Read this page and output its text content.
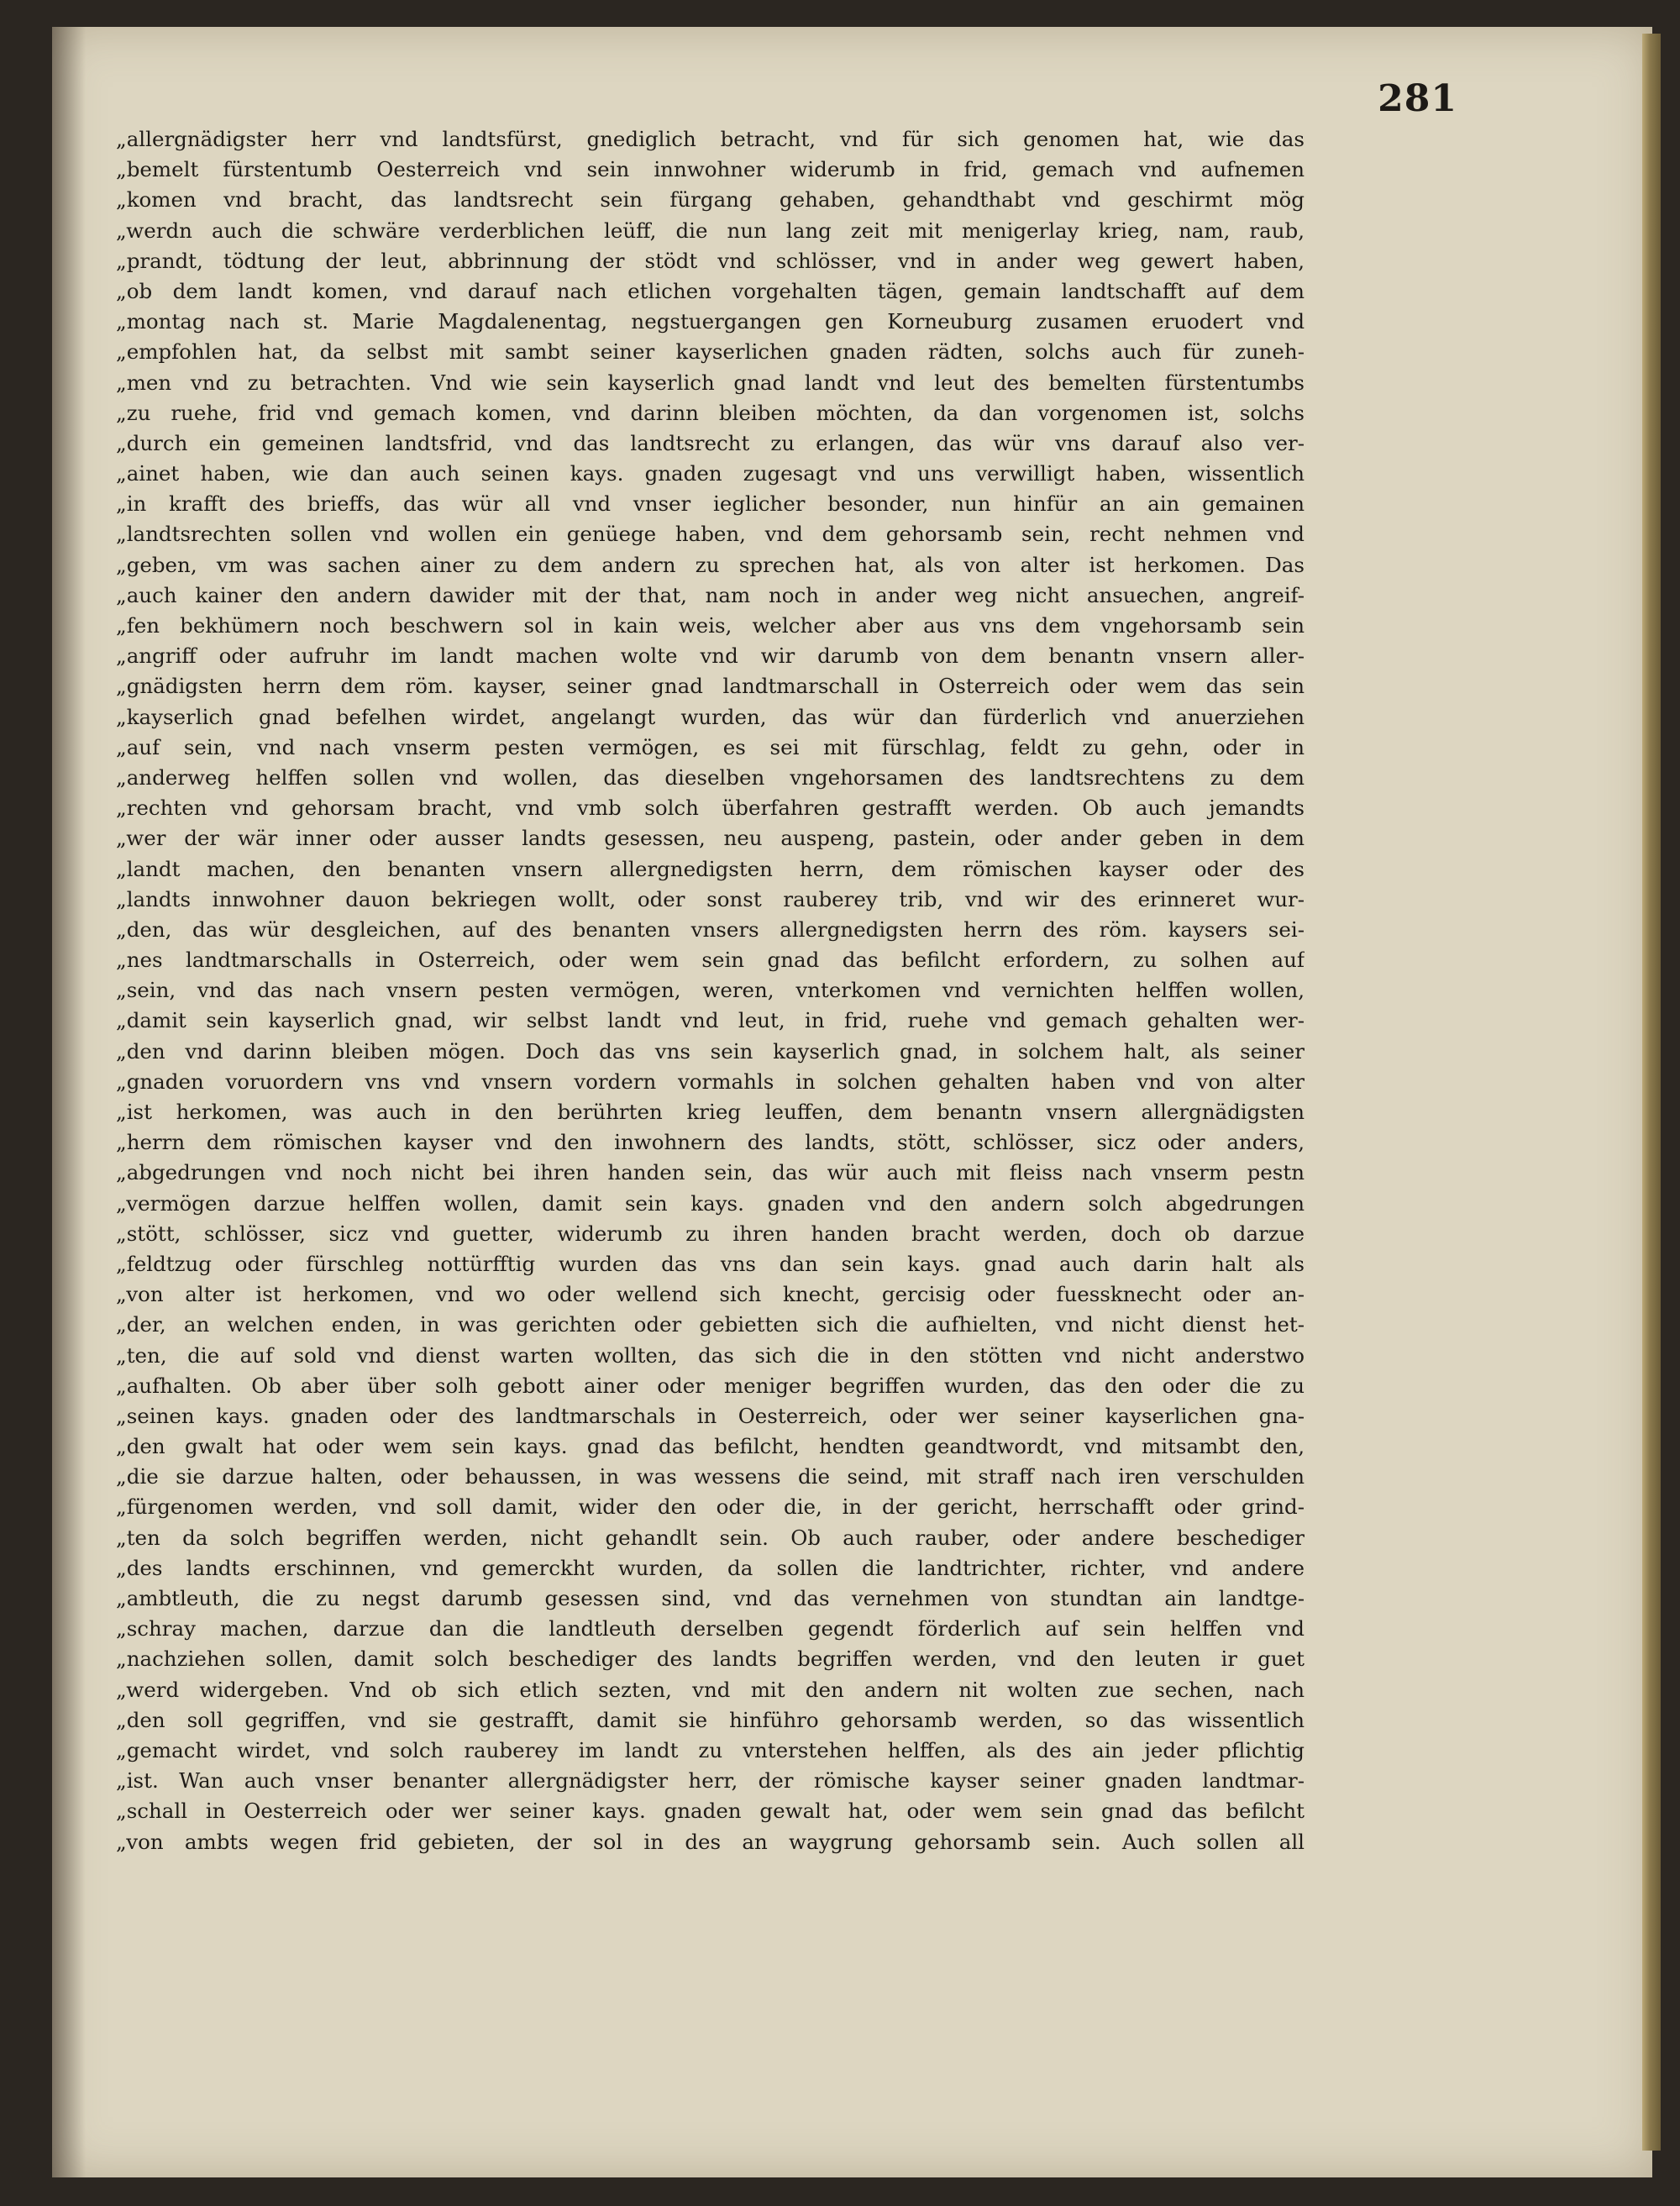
281
„allergnädigster herr vnd landtsfürst, gnediglich betracht, vnd für sich genomen hat, wie das
„bemelt fürstentumb Oesterreich vnd sein innwohner widerumb in frid, gemach vnd aufnemen
„komen vnd bracht, das landtsrecht sein fürgang gehaben, gehandthabt vnd geschirmt mög
„werdn auch die schwäre verderblichen leüff, die nun lang zeit mit menigerlay krieg, nam, raub,
„prandt, tödtung der leut, abbrinnung der stödt vnd schlösser, vnd in ander weg gewert haben,
„ob dem landt komen, vnd darauf nach etlichen vorgehalten tägen, gemain landtschafft auf dem
„montag nach st. Marie Magdalenentag, negstuergangen gen Korneuburg zusamen eruodert vnd
„empfohlen hat, da selbst mit sambt seiner kayserlichen gnaden rädten, solchs auch für zuneh-
„men vnd zu betrachten. Vnd wie sein kayserlich gnad landt vnd leut des bemelten fürstentumbs
„zu ruehe, frid vnd gemach komen, vnd darinn bleiben möchten, da dan vorgenomen ist, solchs
„durch ein gemeinen landtsfrid, vnd das landtsrecht zu erlangen, das wür vns darauf also ver-
„ainet haben, wie dan auch seinen kays. gnaden zugesagt vnd uns verwilligt haben, wissentlich
„in krafft des brieffs, das wür all vnd vnser ieglicher besonder, nun hinfür an ain gemainen
„landtsrechten sollen vnd wollen ein genüege haben, vnd dem gehorsamb sein, recht nehmen vnd
„geben, vm was sachen ainer zu dem andern zu sprechen hat, als von alter ist herkomen. Das
„auch kainer den andern dawider mit der that, nam noch in ander weg nicht ansuechen, angreif-
„fen bekhümern noch beschwern sol in kain weis, welcher aber aus vns dem vngehorsamb sein
„angriff oder aufruhr im landt machen wolte vnd wir darumb von dem benantn vnsern aller-
„gnädigsten herrn dem röm. kayser, seiner gnad landtmarschall in Osterreich oder wem das sein
„kayserlich gnad befelhen wirdet, angelangt wurden, das wür dan fürderlich vnd anuerziehen
„auf sein, vnd nach vnserm pesten vermögen, es sei mit fürschlag, feldt zu gehn, oder in
„anderweg helffen sollen vnd wollen, das dieselben vngehorsamen des landtsrechtens zu dem
„rechten vnd gehorsam bracht, vnd vmb solch überfahren gestrafft werden. Ob auch jemandts
„wer der wär inner oder ausser landts gesessen, neu auspeng, pastein, oder ander geben in dem
„landt machen, den benanten vnsern allergnedigsten herrn, dem römischen kayser oder des
„landts innwohner dauon bekriegen wollt, oder sonst rauberey trib, vnd wir des erinneret wur-
„den, das wür desgleichen, auf des benanten vnsers allergnedigsten herrn des röm. kaysers sei-
„nes landtmarschalls in Osterreich, oder wem sein gnad das befilcht erfordern, zu solhen auf
„sein, vnd das nach vnsern pesten vermögen, weren, vnterkomen vnd vernichten helffen wollen,
„damit sein kayserlich gnad, wir selbst landt vnd leut, in frid, ruehe vnd gemach gehalten wer-
„den vnd darinn bleiben mögen. Doch das vns sein kayserlich gnad, in solchem halt, als seiner
„gnaden voruordern vns vnd vnsern vordern vormahls in solchen gehalten haben vnd von alter
„ist herkomen, was auch in den berührten krieg leuffen, dem benantn vnsern allergnädigsten
„herrn dem römischen kayser vnd den inwohnern des landts, stött, schlösser, sicz oder anders,
„abgedrungen vnd noch nicht bei ihren handen sein, das wür auch mit fleiss nach vnserm pestn
„vermögen darzue helffen wollen, damit sein kays. gnaden vnd den andern solch abgedrungen
„stött, schlösser, sicz vnd guetter, widerumb zu ihren handen bracht werden, doch ob darzue
„feldtzug oder fürschleg nottürfftig wurden das vns dan sein kays. gnad auch darin halt als
„von alter ist herkomen, vnd wo oder wellend sich knecht, gercisig oder fuessknecht oder an-
„der, an welchen enden, in was gerichten oder gebietten sich die aufhielten, vnd nicht dienst het-
„ten, die auf sold vnd dienst warten wollten, das sich die in den stötten vnd nicht anderstwo
„aufhalten. Ob aber über solh gebott ainer oder meniger begriffen wurden, das den oder die zu
„seinen kays. gnaden oder des landtmarschals in Oesterreich, oder wer seiner kayserlichen gna-
„den gwalt hat oder wem sein kays. gnad das befilcht, hendten geandtwordt, vnd mitsambt den,
„die sie darzue halten, oder behaussen, in was wessens die seind, mit straff nach iren verschulden
„fürgenomen werden, vnd soll damit, wider den oder die, in der gericht, herrschafft oder grind-
„ten da solch begriffen werden, nicht gehandlt sein. Ob auch rauber, oder andere beschediger
„des landts erschinnen, vnd gemerckht wurden, da sollen die landtrichter, richter, vnd andere
„ambtleuth, die zu negst darumb gesessen sind, vnd das vernehmen von stundtan ain landtge-
„schray machen, darzue dan die landtleuth derselben gegendt förderlich auf sein helffen vnd
„nachziehen sollen, damit solch beschediger des landts begriffen werden, vnd den leuten ir guet
„werd widergeben. Vnd ob sich etlich sezten, vnd mit den andern nit wolten zue sechen, nach
„den soll gegriffen, vnd sie gestrafft, damit sie hinführo gehorsamb werden, so das wissentlich
„gemacht wirdet, vnd solch rauberey im landt zu vnterstehen helffen, als des ain jeder pflichtig
„ist. Wan auch vnser benanter allergnädigster herr, der römische kayser seiner gnaden landtmar-
„schall in Oesterreich oder wer seiner kays. gnaden gewalt hat, oder wem sein gnad das befilcht
„von ambts wegen frid gebieten, der sol in des an waygrung gehorsamb sein. Auch sollen all
